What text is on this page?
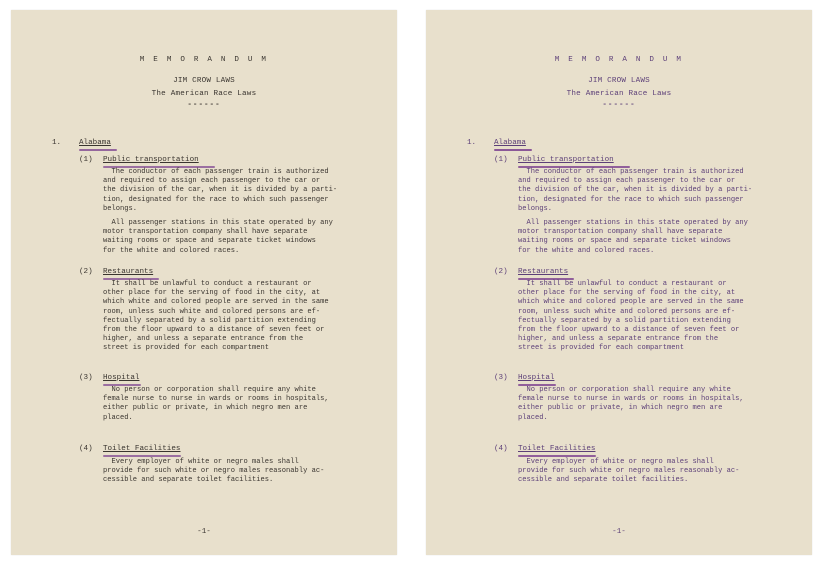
M E M O R A N D U M
JIM CROW LAWS
The American Race Laws
------
1. Alabama
(1) Public transportation
The conductor of each passenger train is authorized
and required to assign each passenger to the car or
the division of the car, when it is divided by a parti-
tion, designated for the race to which such passenger
belongs.
All passenger stations in this state operated by any
motor transportation company shall have separate
waiting rooms or space and separate ticket windows
for the white and colored races.
(2) Restaurants
It shall be unlawful to conduct a restaurant or
other place for the serving of food in the city, at
which white and colored people are served in the same
room, unless such white and colored persons are ef-
fectually separated by a solid partition extending
from the floor upward to a distance of seven feet or
higher, and unless a separate entrance from the
street is provided for each compartment
(3) Hospital
No person or corporation shall require any white
female nurse to nurse in wards or rooms in hospitals,
either public or private, in which negro men are
placed.
(4) Toilet Facilities
Every employer of white or negro males shall
provide for such white or negro males reasonably ac-
cessible and separate toilet facilities.
-1-
M E M O R A N D U M
JIM CROW LAWS
The American Race Laws
------
1. Alabama
(1) Public transportation
The conductor of each passenger train is authorized
and required to assign each passenger to the car or
the division of the car, when it is divided by a parti-
tion, designated for the race to which such passenger
belongs.
All passenger stations in this state operated by any
motor transportation company shall have separate
waiting rooms or space and separate ticket windows
for the white and colored races.
(2) Restaurants
It shall be unlawful to conduct a restaurant or
other place for the serving of food in the city, at
which white and colored people are served in the same
room, unless such white and colored persons are ef-
fectually separated by a solid partition extending
from the floor upward to a distance of seven feet or
higher, and unless a separate entrance from the
street is provided for each compartment
(3) Hospital
No person or corporation shall require any white
female nurse to nurse in wards or rooms in hospitals,
either public or private, in which negro men are
placed.
(4) Toilet Facilities
Every employer of white or negro males shall
provide for such white or negro males reasonably ac-
cessible and separate toilet facilities.
-1-
